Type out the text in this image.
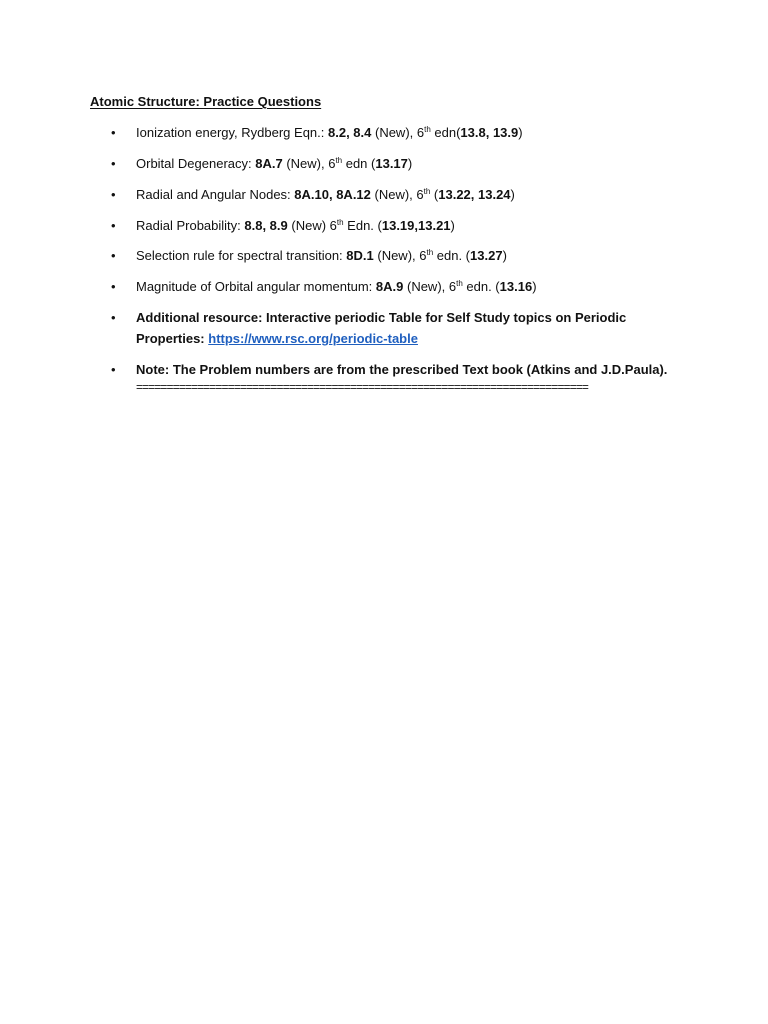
Atomic Structure: Practice Questions
• Ionization energy, Rydberg Eqn.: 8.2, 8.4 (New), 6th edn(13.8, 13.9)
• Orbital Degeneracy: 8A.7 (New), 6th edn (13.17)
• Radial and Angular Nodes: 8A.10, 8A.12 (New), 6th (13.22, 13.24)
• Radial Probability: 8.8, 8.9 (New) 6th Edn. (13.19,13.21)
• Selection rule for spectral transition: 8D.1 (New), 6th edn. (13.27)
• Magnitude of Orbital angular momentum: 8A.9 (New), 6th edn. (13.16)
• Additional resource: Interactive periodic Table for Self Study topics on Periodic
Properties: https://www.rsc.org/periodic-table
• Note: The Problem numbers are from the prescribed Text book (Atkins and J.D.Paula).
==========================================================================
